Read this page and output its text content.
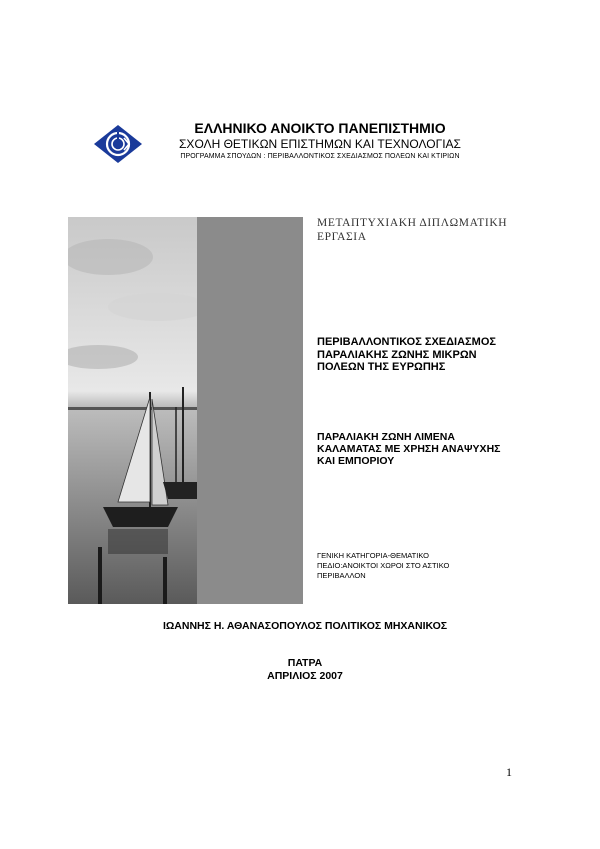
ΕΛΛΗΝΙΚΟ ΑΝΟΙΚΤΟ ΠΑΝΕΠΙΣΤΗΜΙΟ
ΣΧΟΛΗ ΘΕΤΙΚΩΝ ΕΠΙΣΤΗΜΩΝ ΚΑΙ ΤΕΧΝΟΛΟΓΙΑΣ
ΠΡΟΓΡΑΜΜΑ ΣΠΟΥΔΩΝ : ΠΕΡΙΒΑΛΛΟΝΤΙΚΟΣ ΣΧΕΔΙΑΣΜΟΣ ΠΟΛΕΩΝ ΚΑΙ ΚΤΙΡΙΩΝ
ΜΕΤΑΠΤΥΧΙΑΚΗ ΔΙΠΛΩΜΑΤΙΚΗ
ΕΡΓΑΣΙΑ
ΠΕΡΙΒΑΛΛΟΝΤΙΚΟΣ ΣΧΕΔΙΑΣΜΟΣ ΠΑΡΑΛΙΑΚΗΣ ΖΩΝΗΣ ΜΙΚΡΩΝ ΠΟΛΕΩΝ ΤΗΣ ΕΥΡΩΠΗΣ
ΠΑΡΑΛΙΑΚΗ ΖΩΝΗ ΛΙΜΕΝΑ ΚΑΛΑΜΑΤΑΣ ΜΕ ΧΡΗΣΗ ΑΝΑΨΥΧΗΣ ΚΑΙ ΕΜΠΟΡΙΟΥ
ΓΕΝΙΚΗ ΚΑΤΗΓΟΡΙΑ-ΘΕΜΑΤΙΚΟ
ΠΕΔΙΟ:ΑΝΟΙΚΤΟΙ ΧΩΡΟΙ ΣΤΟ ΑΣΤΙΚΟ
ΠΕΡΙΒΑΛΛΟΝ
ΙΩΑΝΝΗΣ Η. ΑΘΑΝΑΣΟΠΟΥΛΟΣ ΠΟΛΙΤΙΚΟΣ ΜΗΧΑΝΙΚΟΣ
ΠΑΤΡΑ
ΑΠΡΙΛΙΟΣ 2007
1
